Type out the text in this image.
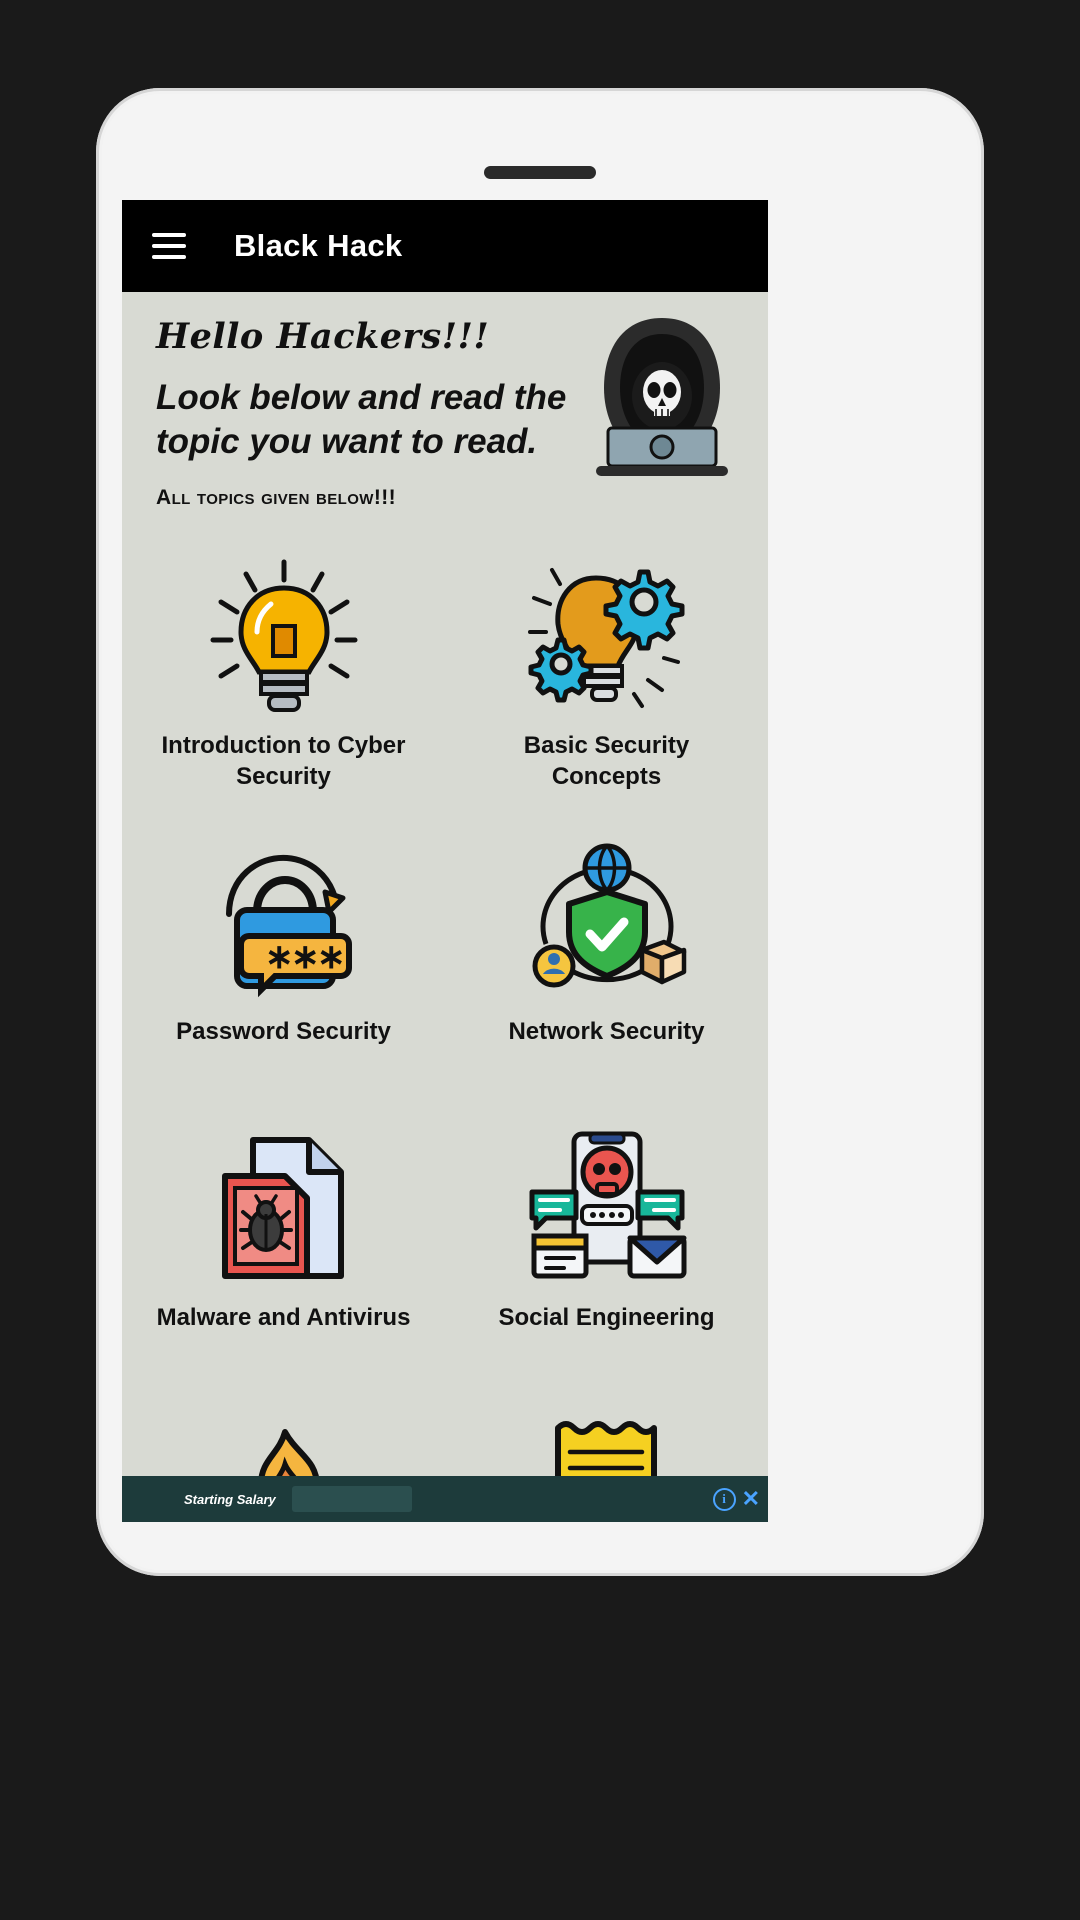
Black Hack
Hello Hackers!!!
Look below and read the topic you want to read.
All topics given below!!!
Introduction to Cyber Security
Basic Security Concepts
∗
∗
∗
Password Security	Network Security
Malware and Antivirus	Social Engineering
Starting Salary	i ✕
